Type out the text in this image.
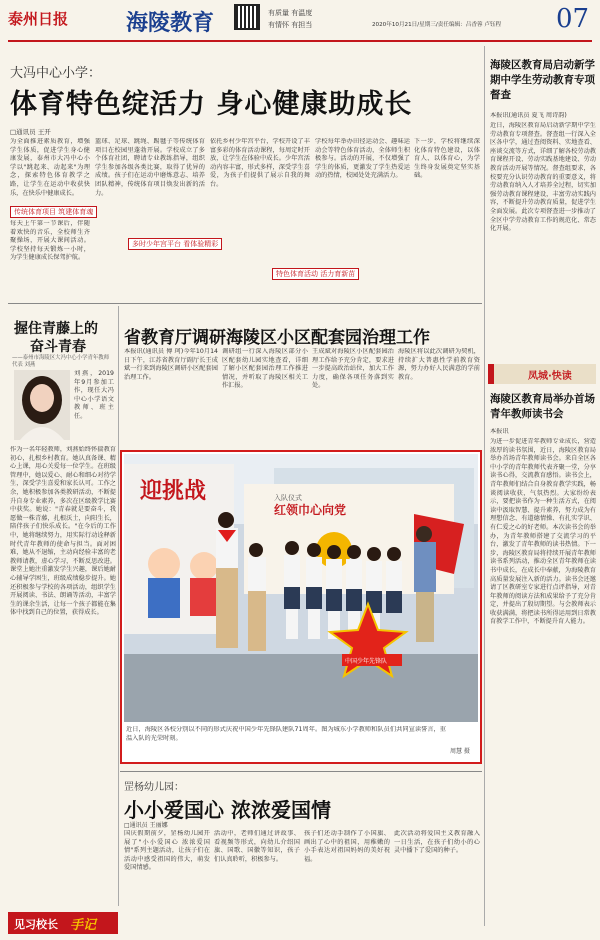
泰州日报	海陵教育	有质量 有温度
有情怀 有担当	2020年10月21日/星期三/责任编辑：吕香蓉 卢钰程 07
大冯中心小学：
体育特色绽活力 身心健康助成长
□通讯员 王开
为全面推进素质教育，增强学生体质，促进学生身心健康发展，泰州市大冯中心小学以"跳起来、动起来"为理念，探索特色体育教学之路，让学生在运动中收获快乐，在快乐中健康成长。
传统体育项目 筑建体育魂
每天上午第一节课后，伴随着欢快的音乐，全校师生齐聚操场，开展大课间活动。学校坚持每天锻炼一小时，为学生健康成长保驾护航。
篮球、足球、跳绳、踢毽子等传统体育项目在校园里蓬勃开展。学校成立了多个体育社团，聘请专业教练指导，组织学生参加各级各类比赛，取得了优异的成绩。孩子们在运动中磨炼意志、培养团队精神，传统体育项目焕发出新的活力。
多时少年宫平台 看体验精彩
依托乡村少年宫平台，学校开设了丰富多彩的体育活动课程，每周定时开放，让学生在体验中成长。少年宫活动内容丰富，形式多样，深受学生喜爱，为孩子们提供了展示自我的舞台。
特色体育活动 活力育新苗
学校每年举办田径运动会、趣味运动会等特色体育活动，全体师生积极参与。活动的开展，不仅增强了学生的体质，更激发了学生热爱运动的热情，校园处处充满活力。
下一步，学校将继续深化体育特色建设，以体育人、以体育心，为学生终身发展奠定坚实基础。
握住青藤上的
奋斗青春
——泰州市海陵区大冯中心小学青年教师代表 刘燕
刘燕，2019年9月参加工作，现任大冯中心小学语文教师、班主任。
作为一名年轻教师，刘燕始终怀揣教育初心，扎根乡村教育。她认真备课、精心上课，用心关爱每一位学生。在班级管理中，她以爱心、耐心和细心对待学生，深受学生喜爱和家长认可。工作之余，她积极参加各类教研活动，不断提升自身专业素养，多次在区级教学比赛中获奖。她说："青春就是要奋斗，我愿做一株青藤，扎根沃土，向阳生长，陪伴孩子们快乐成长。"在今后的工作中，她将继续努力，用实际行动诠释新时代青年教师的使命与担当。面对困难，她从不退缩，主动向经验丰富的老教师请教，虚心学习，不断反思改进。课堂上她注重激发学生兴趣，课后她耐心辅导学困生，班级成绩稳步提升。她还积极参与学校的各项活动，组织学生开展阅读、书法、朗诵等活动，丰富学生的课余生活，让每一个孩子都能在集体中找到自己的位置，获得成长。
省教育厅调研海陵区小区配套园治理工作
本报讯(通讯员 傅 珂)今年10月14日下午，江苏省教育厅副厅长王成斌一行来到海陵区调研小区配套园治理工作。
调研组一行深入海陵区部分小区配套幼儿园实地查看，详细了解小区配套园治理工作推进情况，并听取了海陵区相关工作汇报。
王成斌对海陵区小区配套园治理工作给予充分肯定，要求进一步提高政治站位，加大工作力度，确保各项任务落到实处。
海陵区将以此次调研为契机，持续扩大普惠性学前教育资源，努力办好人民满意的学前教育。
迎挑战
红领巾心向党
入队仪式
中国少年先锋队
近日，海陵区各校分别以不同的形式庆祝中国少年先锋队建队71周年。图为城东小学教师和队员们共同宣读誓言，重温入队的光荣时刻。
周慧 摄
罡杨幼儿园：
小小爱国心 浓浓爱国情
□通讯员 王丽娜
国庆假期前夕，罡杨幼儿园开展了"小小爱国心 浓浓爱国情"系列主题活动，让孩子们在活动中感受祖国的伟大，萌发爱国情感。
活动中，老师们通过讲故事、看视频等形式，向幼儿介绍国旗、国歌、国徽等知识，孩子们认真聆听，积极参与。
孩子们还动手制作了小国旗、画出了心中的祖国，用稚嫩的小手表达对祖国妈妈的美好祝福。
此次活动将爱国主义教育融入一日生活，在孩子们幼小的心灵中播下了爱国的种子。
见习校长 手记
海陵区教育局启动新学期中学生劳动教育专项督查
本报讯(通讯员 夏飞 周诗韵)
近日，海陵区教育局启动新学期中学生劳动教育专项督查。督查组一行深入全区各中学，通过查阅资料、实地查看、座谈交流等方式，详细了解各校劳动教育课程开设、劳动实践基地建设、劳动教育活动开展等情况。督查组要求，各校要充分认识劳动教育的重要意义，将劳动教育纳入人才培养全过程，切实加强劳动教育课程建设，丰富劳动实践内容，不断提升劳动教育质量，促进学生全面发展。此次专项督查进一步推动了全区中学劳动教育工作的规范化、常态化开展。
凤城·快读
海陵区教育局举办首场青年教师读书会
本报讯
为进一步促进青年教师专业成长，营造浓厚的读书氛围，近日，海陵区教育局举办首场青年教师读书会。来自全区各中小学的青年教师代表齐聚一堂，分享读书心得，交流教育感悟。读书会上，青年教师们结合自身教育教学实践，畅谈阅读收获，气氛热烈。大家纷纷表示，要把读书作为一种生活方式，在阅读中汲取智慧、提升素养，努力成为有理想信念、有道德情操、有扎实学识、有仁爱之心的好老师。本次读书会的举办，为青年教师搭建了交流学习的平台，激发了青年教师的读书热情。下一步，海陵区教育局将持续开展青年教师读书系列活动，推动全区青年教师在读书中成长，在成长中奉献，为海陵教育高质量发展注入新的活力。读书会还邀请了区教研室专家进行点评指导，对青年教师的阅读方法和成果给予了充分肯定，并提出了殷切期望。与会教师表示收获满满，将把读书所得运用到日常教育教学工作中，不断提升育人能力。
